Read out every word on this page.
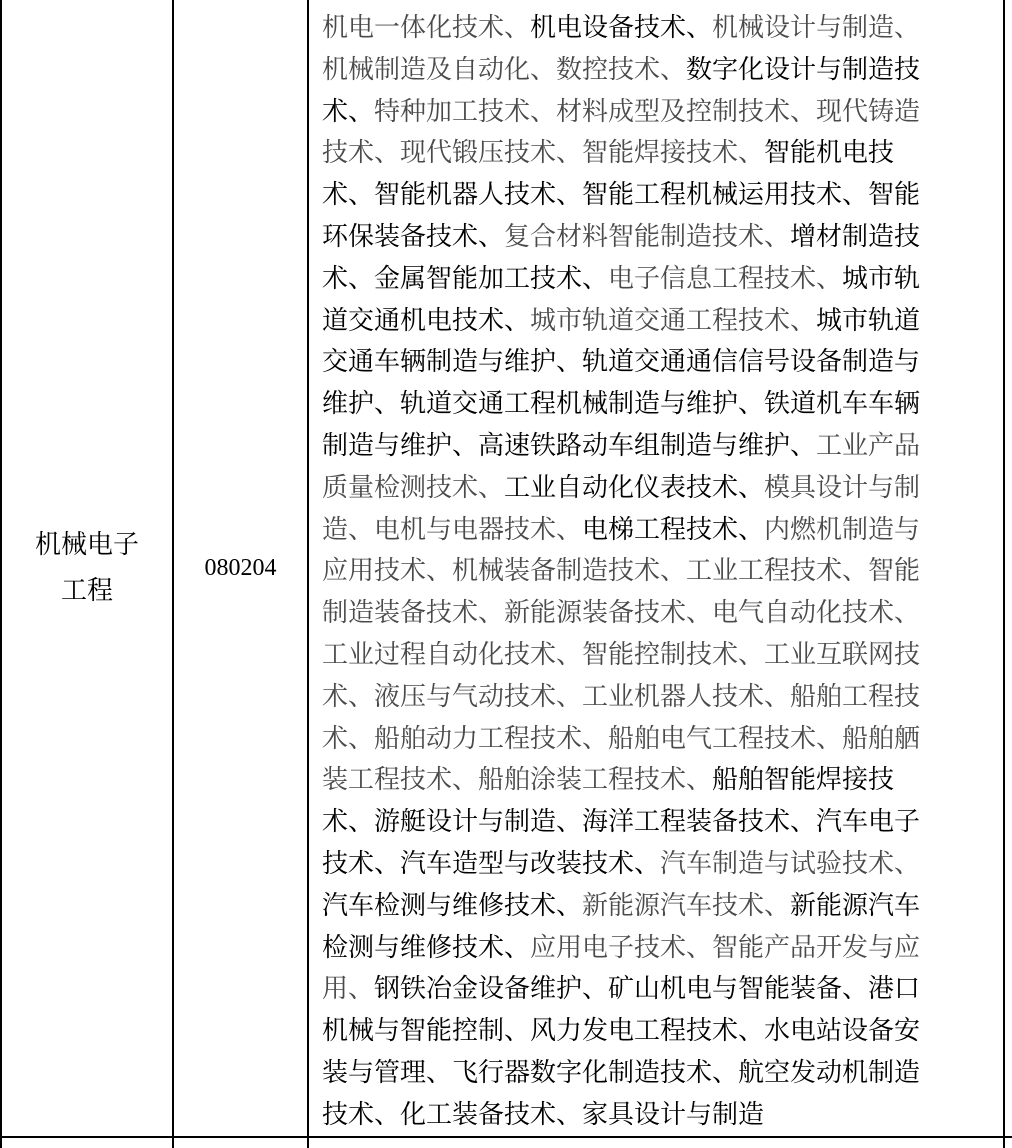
机械电子工程
080204
机电一体化技术、机电设备技术、机械设计与制造、
机械制造及自动化、数控技术、数字化设计与制造技
术、特种加工技术、材料成型及控制技术、现代铸造
技术、现代锻压技术、智能焊接技术、智能机电技
术、智能机器人技术、智能工程机械运用技术、智能
环保装备技术、复合材料智能制造技术、增材制造技
术、金属智能加工技术、电子信息工程技术、城市轨
道交通机电技术、城市轨道交通工程技术、城市轨道
交通车辆制造与维护、轨道交通通信信号设备制造与
维护、轨道交通工程机械制造与维护、铁道机车车辆
制造与维护、高速铁路动车组制造与维护、工业产品
质量检测技术、工业自动化仪表技术、模具设计与制
造、电机与电器技术、电梯工程技术、内燃机制造与
应用技术、机械装备制造技术、工业工程技术、智能
制造装备技术、新能源装备技术、电气自动化技术、
工业过程自动化技术、智能控制技术、工业互联网技
术、液压与气动技术、工业机器人技术、船舶工程技
术、船舶动力工程技术、船舶电气工程技术、船舶舾
装工程技术、船舶涂装工程技术、船舶智能焊接技
术、游艇设计与制造、海洋工程装备技术、汽车电子
技术、汽车造型与改装技术、汽车制造与试验技术、
汽车检测与维修技术、新能源汽车技术、新能源汽车
检测与维修技术、应用电子技术、智能产品开发与应
用、钢铁冶金设备维护、矿山机电与智能装备、港口
机械与智能控制、风力发电工程技术、水电站设备安
装与管理、飞行器数字化制造技术、航空发动机制造
技术、化工装备技术、家具设计与制造
